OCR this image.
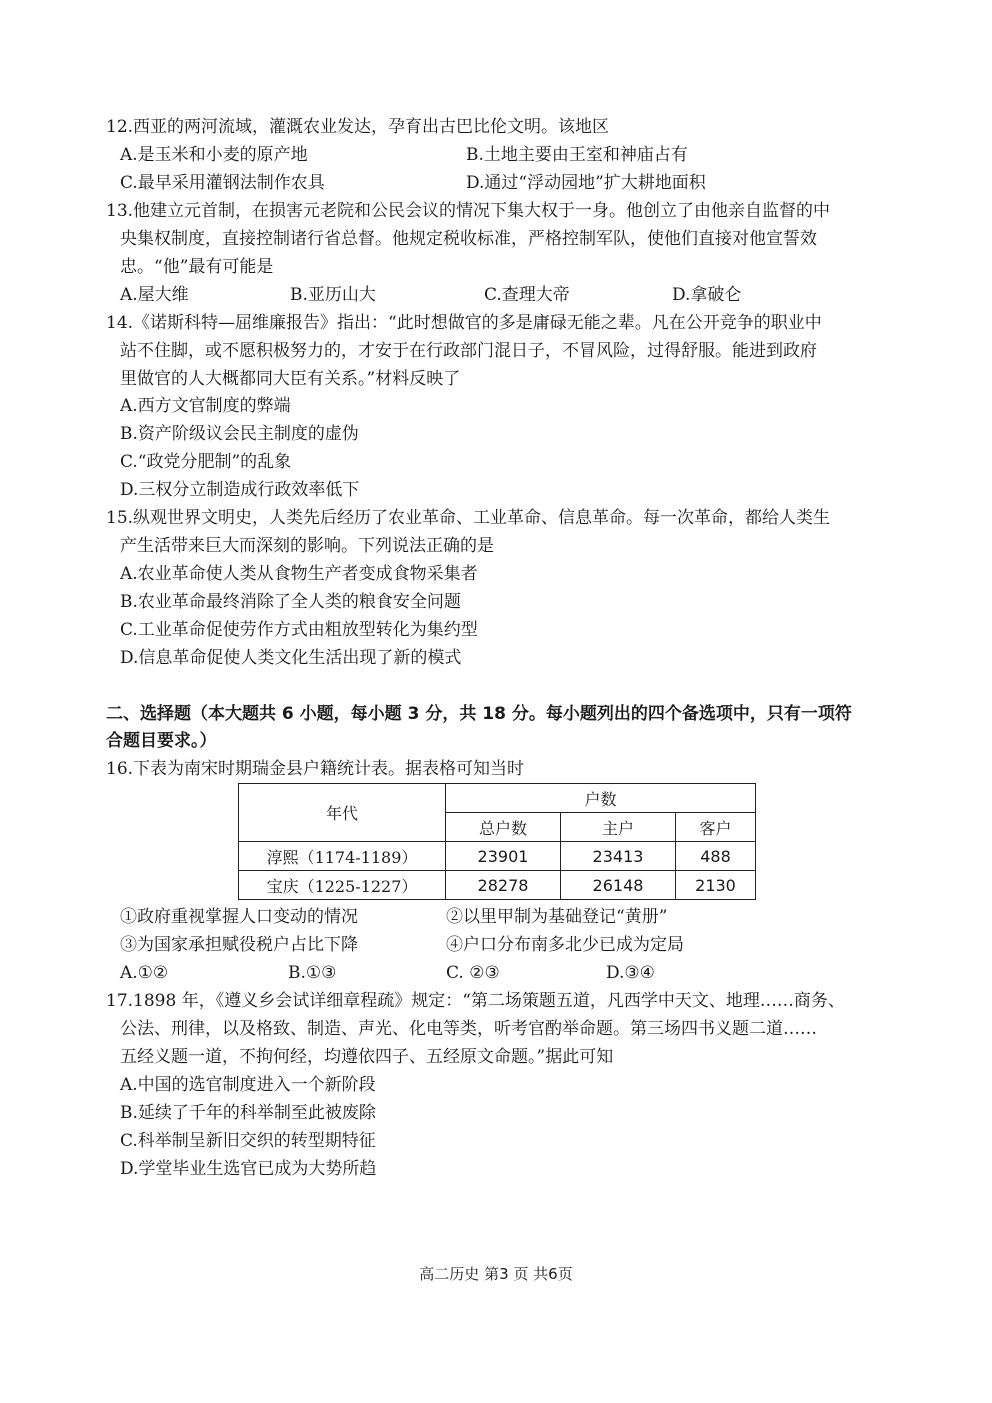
12.西亚的两河流域，灌溉农业发达，孕育出古巴比伦文明。该地区
A.是玉米和小麦的原产地	B.土地主要由王室和神庙占有
C.最早采用灌钢法制作农具	D.通过“浮动园地”扩大耕地面积
13.他建立元首制，在损害元老院和公民会议的情况下集大权于一身。他创立了由他亲自监督的中
央集权制度，直接控制诸行省总督。他规定税收标准，严格控制军队，使他们直接对他宣誓效
忠。“他”最有可能是
A.屋大维	B.亚历山大	C.查理大帝	D.拿破仑
14.《诺斯科特—屈维廉报告》指出：“此时想做官的多是庸碌无能之辈。凡在公开竞争的职业中
站不住脚，或不愿积极努力的，才安于在行政部门混日子，不冒风险，过得舒服。能进到政府
里做官的人大概都同大臣有关系。”材料反映了
A.西方文官制度的弊端
B.资产阶级议会民主制度的虚伪
C.“政党分肥制”的乱象
D.三权分立制造成行政效率低下
15.纵观世界文明史，人类先后经历了农业革命、工业革命、信息革命。每一次革命，都给人类生
产生活带来巨大而深刻的影响。下列说法正确的是
A.农业革命使人类从食物生产者变成食物采集者
B.农业革命最终消除了全人类的粮食安全问题
C.工业革命促使劳作方式由粗放型转化为集约型
D.信息革命促使人类文化生活出现了新的模式
二、选择题（本大题共 6 小题，每小题 3 分，共 18 分。每小题列出的四个备选项中，只有一项符
合题目要求。）
16.下表为南宋时期瑞金县户籍统计表。据表格可知当时
年代	户数		
	总户数	主户	客户
淳熙（1174-1189）	23901	23413	488
宝庆（1225-1227）	28278	26148	2130
①政府重视掌握人口变动的情况	②以里甲制为基础登记“黄册”
③为国家承担赋役税户占比下降	④户口分布南多北少已成为定局
A.①②	B.①③	C. ②③	D.③④
17.1898 年，《遵义乡会试详细章程疏》规定：“第二场策题五道，凡西学中天文、地理……商务、
公法、刑律，以及格致、制造、声光、化电等类，听考官酌举命题。第三场四书义题二道……
五经义题一道，不拘何经，均遵依四子、五经原文命题。”据此可知
A.中国的选官制度进入一个新阶段
B.延续了千年的科举制至此被废除
C.科举制呈新旧交织的转型期特征
D.学堂毕业生选官已成为大势所趋
高二历史 第3 页 共6页
